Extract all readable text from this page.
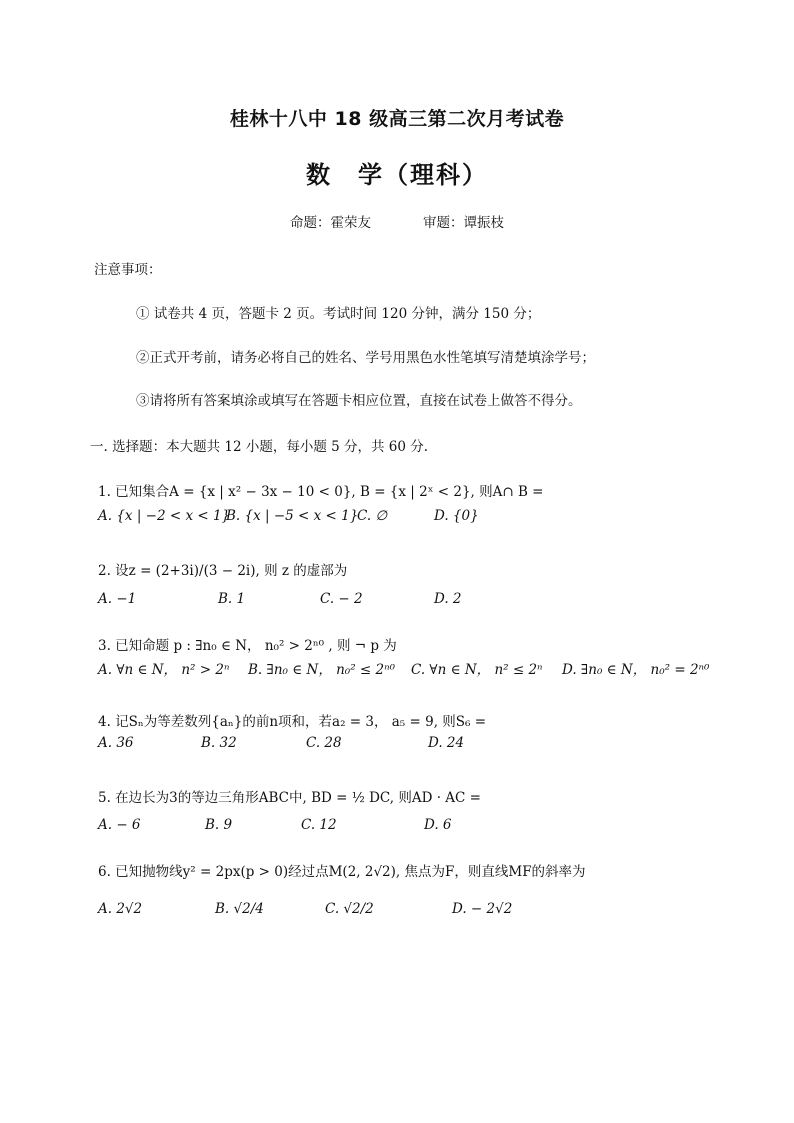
桂林十八中 18 级高三第二次月考试卷
数　学（理科）
命题：霍荣友	审题：谭振枝
注意事项：
① 试卷共 4 页，答题卡 2 页。考试时间 120 分钟，满分 150 分；
②正式开考前，请务必将自己的姓名、学号用黑色水性笔填写清楚填涂学号；
③请将所有答案填涂或填写在答题卡相应位置，直接在试卷上做答不得分。
一. 选择题：本大题共 12 小题，每小题 5 分，共 60 分.
1. 已知集合A = {x | x² − 3x − 10 < 0}, B = {x | 2ˣ < 2}, 则A∩ B =
A. {x | −2 < x < 1}
B. {x | −5 < x < 1}
C. ∅	D. {0}
2. 设z = (2+3i)/(3 − 2i), 则 z 的虚部为
A. −1	B. 1	C. − 2	D. 2
3. 已知命题 p : ∃n₀ ∈ N， n₀² > 2ⁿ⁰ , 则 ¬ p 为
A. ∀n ∈ N， n² > 2ⁿ B. ∃n₀ ∈ N， n₀² ≤ 2ⁿ⁰ C. ∀n ∈ N， n² ≤ 2ⁿ D. ∃n₀ ∈ N， n₀² = 2ⁿ⁰
4. 记Sₙ为等差数列{aₙ}的前n项和，若a₂ = 3， a₅ = 9, 则S₆ =
A. 36	B. 32	C. 28	D. 24
5. 在边长为3的等边三角形ABC中, BD = ½ DC, 则AD · AC =
A. − 6	B. 9	C. 12	D. 6
6. 已知抛物线y² = 2px(p > 0)经过点M(2, 2√2), 焦点为F，则直线MF的斜率为
A. 2√2	B. √2/4	C. √2/2	D. − 2√2
